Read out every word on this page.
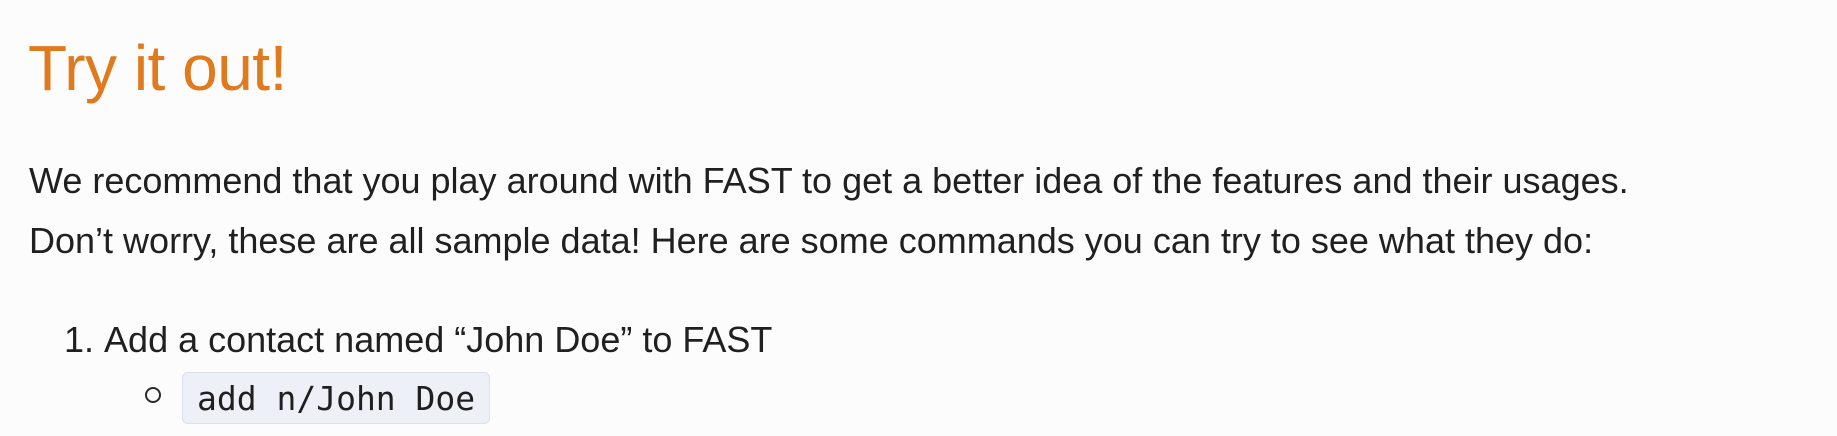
Try it out!

We recommend that you play around with FAST to get a better idea of the features and their usages.
Don’t worry, these are all sample data! Here are some commands you can try to see what they do:

1. Add a contact named “John Doe” to FAST
add n/John Doe
